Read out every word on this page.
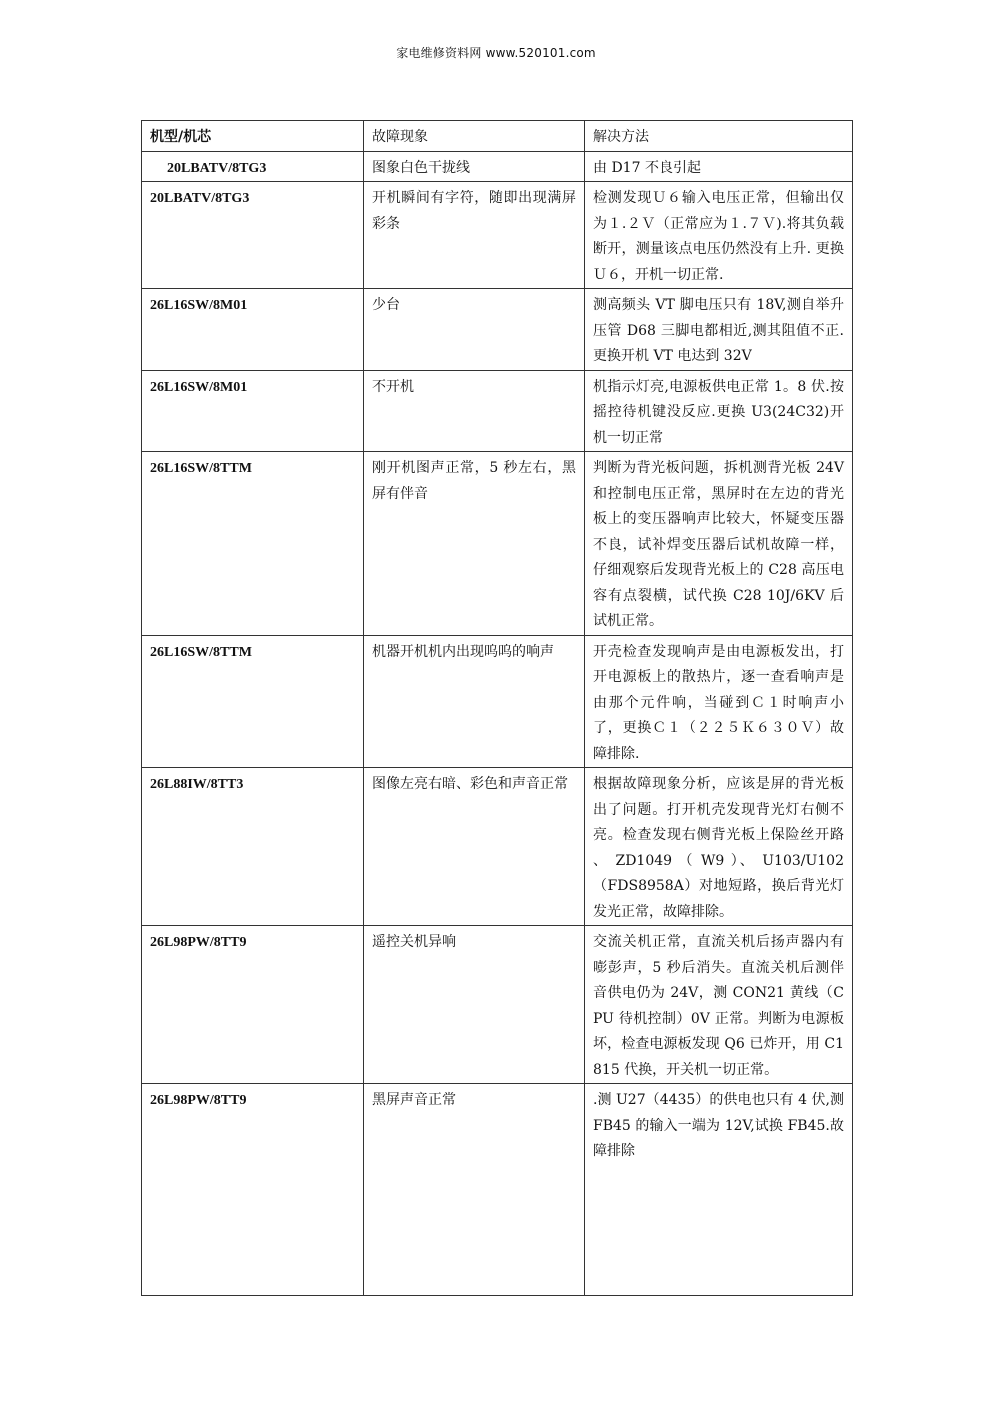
家电维修资料网 www.520101.com
机型/机芯	故障现象	解决方法
20LBATV/8TG3	图象白色干拢线	由 D17 不良引起
20LBATV/8TG3	开机瞬间有字符，随即出现满屏彩条	检测发现Ｕ６输入电压正常，但输出仅为１.２Ｖ（正常应为１.７Ｖ).将其负载断开，测量该点电压仍然没有上升. 更换Ｕ６，开机一切正常.
26L16SW/8M01	少台	测高频头 VT 脚电压只有 18V,测自举升压管 D68 三脚电都相近,测其阻值不正.更换开机 VT 电达到 32V
26L16SW/8M01	不开机	机指示灯亮,电源板供电正常 1。8 伏.按摇控待机键没反应.更换 U3(24C32)开机一切正常
26L16SW/8TTM	刚开机图声正常，5 秒左右，黑屏有伴音	判断为背光板问题，拆机测背光板 24V 和控制电压正常，黑屏时在左边的背光板上的变压器响声比较大，怀疑变压器不良，试补焊变压器后试机故障一样，仔细观察后发现背光板上的 C28 高压电容有点裂横，试代换 C28 10J/6KV 后试机正常。
26L16SW/8TTM	机器开机机内出现呜呜的响声	开壳检查发现响声是由电源板发出，打开电源板上的散热片，逐一查看响声是由那个元件响，当碰到Ｃ１时响声小了，更换Ｃ１（２２５Ｋ６３０Ｖ）故障排除.
26L88IW/8TT3	图像左亮右暗、彩色和声音正常	根据故障现象分析，应该是屏的背光板出了问题。打开机壳发现背光灯右侧不亮。检查发现右侧背光板上保险丝开路 、 ZD1049 （ W9 ）、 U103/U102（FDS8958A）对地短路，换后背光灯发光正常，故障排除。
26L98PW/8TT9	遥控关机异响	交流关机正常，直流关机后扬声器内有嘭彭声，5 秒后消失。直流关机后测伴音供电仍为 24V，测 CON21 黄线（CPU 待机控制）0V 正常。判断为电源板坏，检查电源板发现 Q6 已炸开，用 C1815 代换，开关机一切正常。
26L98PW/8TT9	黑屏声音正常	.测 U27（4435）的供电也只有 4 伏,测 FB45 的输入一端为 12V,试换 FB45.故障排除
